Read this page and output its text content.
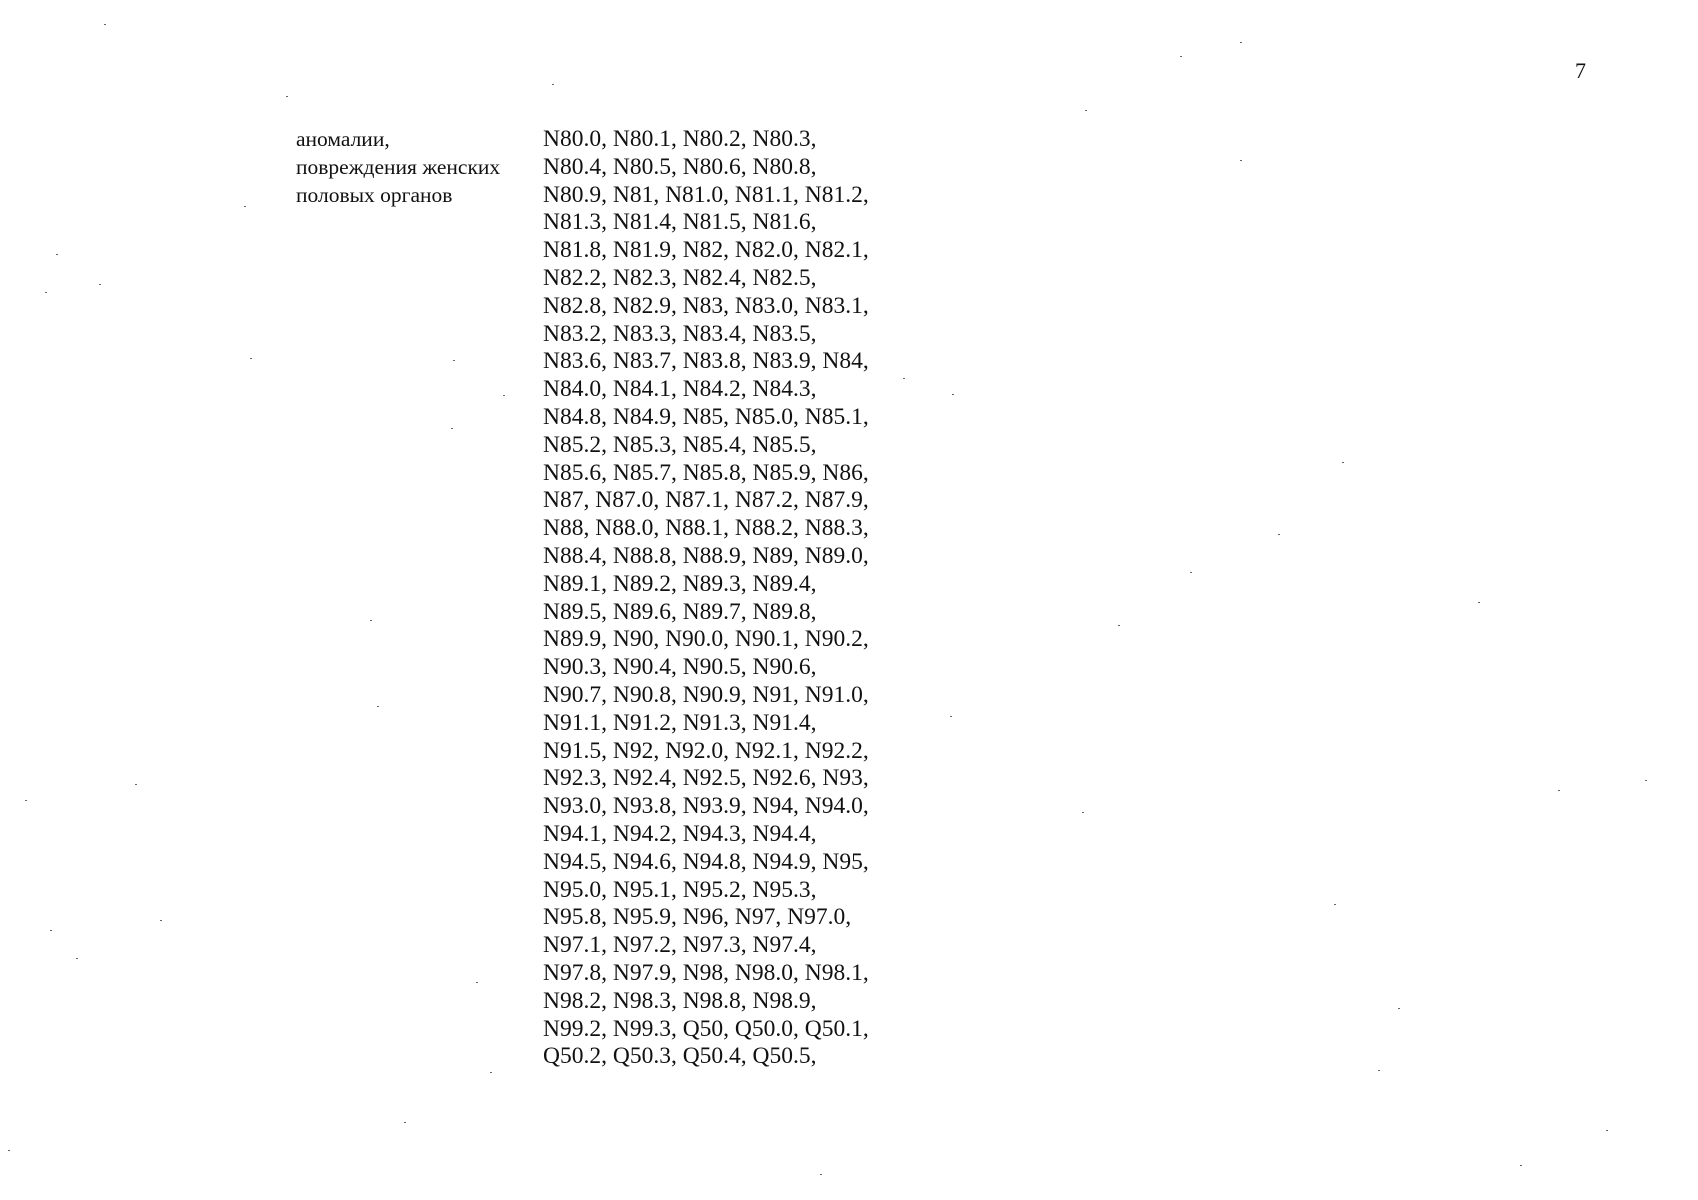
7
аномалии,
повреждения женских
половых органов
N80.0, N80.1, N80.2, N80.3,
N80.4, N80.5, N80.6, N80.8,
N80.9, N81, N81.0, N81.1, N81.2,
N81.3, N81.4, N81.5, N81.6,
N81.8, N81.9, N82, N82.0, N82.1,
N82.2, N82.3, N82.4, N82.5,
N82.8, N82.9, N83, N83.0, N83.1,
N83.2, N83.3, N83.4, N83.5,
N83.6, N83.7, N83.8, N83.9, N84,
N84.0, N84.1, N84.2, N84.3,
N84.8, N84.9, N85, N85.0, N85.1,
N85.2, N85.3, N85.4, N85.5,
N85.6, N85.7, N85.8, N85.9, N86,
N87, N87.0, N87.1, N87.2, N87.9,
N88, N88.0, N88.1, N88.2, N88.3,
N88.4, N88.8, N88.9, N89, N89.0,
N89.1, N89.2, N89.3, N89.4,
N89.5, N89.6, N89.7, N89.8,
N89.9, N90, N90.0, N90.1, N90.2,
N90.3, N90.4, N90.5, N90.6,
N90.7, N90.8, N90.9, N91, N91.0,
N91.1, N91.2, N91.3, N91.4,
N91.5, N92, N92.0, N92.1, N92.2,
N92.3, N92.4, N92.5, N92.6, N93,
N93.0, N93.8, N93.9, N94, N94.0,
N94.1, N94.2, N94.3, N94.4,
N94.5, N94.6, N94.8, N94.9, N95,
N95.0, N95.1, N95.2, N95.3,
N95.8, N95.9, N96, N97, N97.0,
N97.1, N97.2, N97.3, N97.4,
N97.8, N97.9, N98, N98.0, N98.1,
N98.2, N98.3, N98.8, N98.9,
N99.2, N99.3, Q50, Q50.0, Q50.1,
Q50.2, Q50.3, Q50.4, Q50.5,
